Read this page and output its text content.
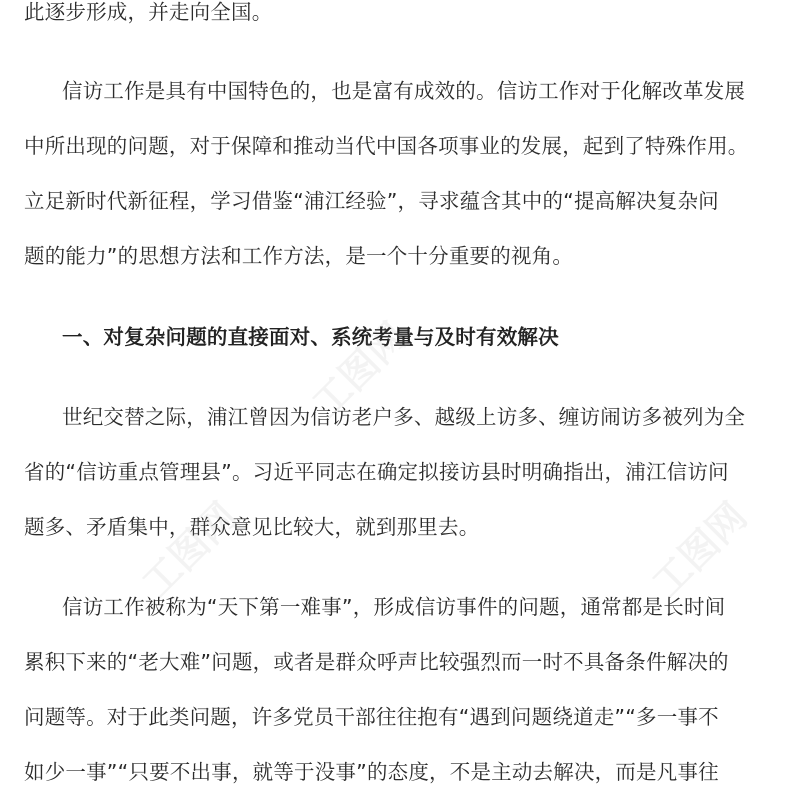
此逐步形成，并走向全国。
信访工作是具有中国特色的，也是富有成效的。信访工作对于化解改革发展
中所出现的问题，对于保障和推动当代中国各项事业的发展，起到了特殊作用。
立足新时代新征程，学习借鉴“浦江经验”，寻求蕴含其中的“提高解决复杂问
题的能力”的思想方法和工作方法，是一个十分重要的视角。
一、对复杂问题的直接面对、系统考量与及时有效解决
世纪交替之际，浦江曾因为信访老户多、越级上访多、缠访闹访多被列为全
省的“信访重点管理县”。习近平同志在确定拟接访县时明确指出，浦江信访问
题多、矛盾集中，群众意见比较大，就到那里去。
信访工作被称为“天下第一难事”，形成信访事件的问题，通常都是长时间
累积下来的“老大难”问题，或者是群众呼声比较强烈而一时不具备条件解决的
问题等。对于此类问题，许多党员干部往往抱有“遇到问题绕道走”“多一事不
如少一事”“只要不出事，就等于没事”的态度，不是主动去解决，而是凡事往
工图网
工图网	工图网
